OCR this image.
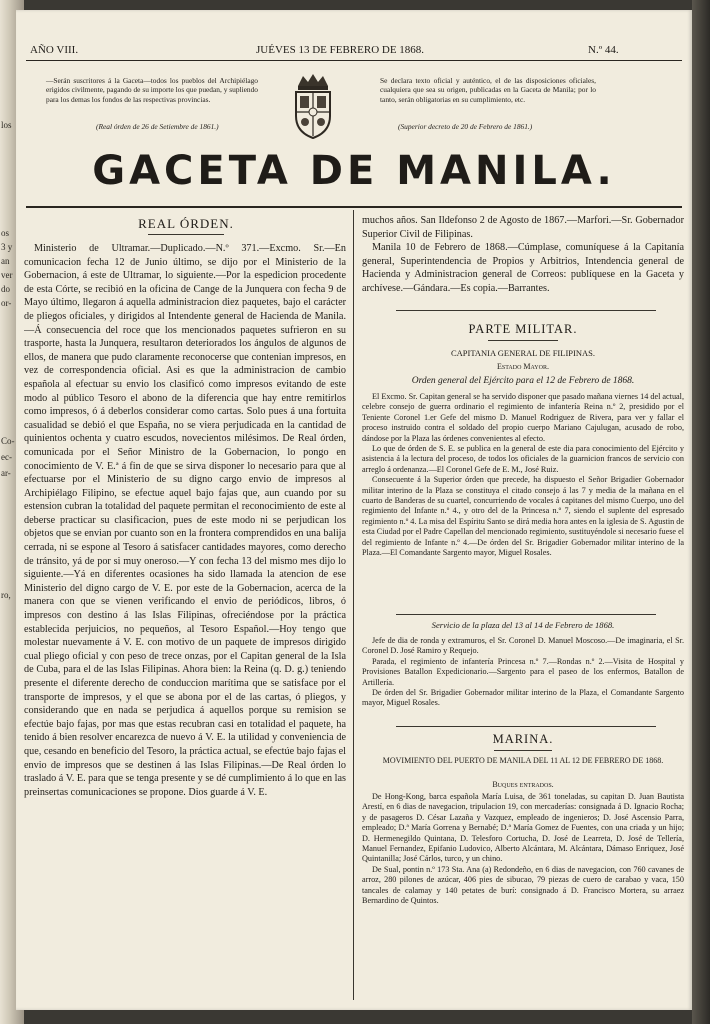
los
os
3 y
an
ver
do
or-
Co-
ec-
ar-
ro,
AÑO VIII.	JUÉVES 13 DE FEBRERO DE 1868.	N.º 44.
—Serán suscritores á la Gaceta—todos los pueblos del Archipiélago erigidos civilmente, pagando de su importe los que puedan, y supliendo para los demas los fondos de las respectivas provincias.
(Real órden de 26 de Setiembre de 1861.)
Se declara texto oficial y auténtico, el de las disposiciones oficiales, cualquiera que sea su origen, publicadas en la Gaceta de Manila; por lo tanto, serán obligatorias en su cumplimiento, etc.
(Superior decreto de 20 de Febrero de 1861.)
GACETA DE MANILA.
REAL ÓRDEN.

Ministerio de Ultramar.—Duplicado.—N.º 371.—Excmo. Sr.—En comunicacion fecha 12 de Junio último, se dijo por el Ministerio de la Gobernacion, á este de Ultramar, lo siguiente.—Por la espedicion procedente de esta Córte, se recibió en la oficina de Cange de la Junquera con fecha 9 de Mayo último, llegaron á aquella administracion diez paquetes, bajo el carácter de pliegos oficiales, y dirigidos al Intendente general de Hacienda de Manila.—Á consecuencia del roce que los mencionados paquetes sufrieron en su trasporte, hasta la Junquera, resultaron deteriorados los ángulos de algunos de ellos, de manera que pudo claramente reconocerse que contenian impresos, en vez de correspondencia oficial. Asi es que la administracion de cambio española al efectuar su envio los clasificó como impresos evitando de este modo al público Tesoro el abono de la diferencia que hay entre remitirlos como impresos, ó á deberlos considerar como cartas. Solo pues á una fortuita casualidad se debió el que España, no se viera perjudicada en la cantidad de quinientos ochenta y cuatro escudos, novecientos milésimos. De Real órden, comunicada por el Señor Ministro de la Gobernacion, lo pongo en conocimiento de V. E.ª á fin de que se sirva disponer lo necesario para que al efectuarse por el Ministerio de su digno cargo envio de impresos al Archipiélago Filipino, se efectue aquel bajo fajas que, aun cuando por su estension cubran la totalidad del paquete permitan el reconocimiento de este al deberse practicar su clasificacion, pues de este modo ni se perjudican los objetos que se envian por cuanto son en la frontera comprendidos en una balija cerrada, ni se espone al Tesoro á satisfacer cantidades mayores, como derecho de tránsito, yá de por si muy oneroso.—Y con fecha 13 del mismo mes dijo lo siguiente.—Yá en diferentes ocasiones ha sido llamada la atencion de ese Ministerio del digno cargo de V. E. por este de la Gobernacion, acerca de la manera con que se vienen verificando el envio de periódicos, libros, ó impresos con destino á las Islas Filipinas, ofreciéndose por la práctica establecida perjuicios, no pequeños, al Tesoro Español.—Hoy tengo que molestar nuevamente á V. E. con motivo de un paquete de impresos dirigido cual pliego oficial y con peso de trece onzas, por el Capitan general de la Isla de Cuba, para el de las Islas Filipinas. Ahora bien: la Reina (q. D. g.) teniendo presente el diferente derecho de conduccion marítima que se satisface por el transporte de impresos, y el que se abona por el de las cartas, ó pliegos, y considerando que en nada se perjudica á aquellos porque su remision se efectúe bajo fajas, por mas que estas recubran casi en totalidad el paquete, ha tenido á bien resolver encarezca de nuevo á V. E. la utilidad y conveniencia de que, cesando en beneficio del Tesoro, la práctica actual, se efectúe bajo fajas el envio de impresos que se destinen á las Islas Filipinas.—De Real órden lo traslado á V. E. para que se tenga presente y se dé cumplimiento á lo que en las preinsertas comunicaciones se propone. Dios guarde á V. E.

muchos años. San Ildefonso 2 de Agosto de 1867.—Marfori.—Sr. Gobernador Superior Civil de Filipinas.

Manila 10 de Febrero de 1868.—Cúmplase, comuníquese á la Capitanía general, Superintendencia de Propios y Arbitrios, Intendencia general de Hacienda y Administracion general de Correos: publíquese en la Gaceta y archívese.—Gándara.—Es copia.—Barrantes.

PARTE MILITAR.
CAPITANIA GENERAL DE FILIPINAS.
Estado Mayor.
Orden general del Ejército para el 12 de Febrero de 1868.

El Excmo. Sr. Capitan general se ha servido disponer que pasado mañana viernes 14 del actual, celebre consejo de guerra ordinario el regimiento de infantería Reina n.º 2, presidido por el Teniente Coronel 1.er Gefe del mismo D. Manuel Rodriguez de Rivera, para ver y fallar el proceso instruido contra el soldado del propio cuerpo Mariano Cajulugan, acusado de robo, dándose por la Plaza las órdenes convenientes al efecto.

Lo que de órden de S. E. se publica en la general de este dia para conocimiento del Ejército y asistencia á la lectura del proceso, de todos los oficiales de la guarnicion francos de servicio con arreglo á ordenanza.—El Coronel Gefe de E. M., José Ruiz.

Consecuente á la Superior órden que precede, ha dispuesto el Señor Brigadier Gobernador militar interino de la Plaza se constituya el citado consejo á las 7 y media de la mañana en el cuarto de Banderas de su cuartel, concurriendo de vocales á capitanes del mismo Cuerpo, uno del regimiento del Infante n.º 4., y otro del de la Princesa n.º 7, siendo el suplente del espresado regimiento n.º 4. La misa del Espíritu Santo se dirá media hora antes en la iglesia de S. Agustin de esta Ciudad por el Padre Capellan del mencionado regimiento, sustituyéndole si necesario fuese el del regimiento de Infante n.º 4.—De órden del Sr. Brigadier Gobernador militar interino de la Plaza.—El Comandante Sargento mayor, Miguel Rosales.

Servicio de la plaza del 13 al 14 de Febrero de 1868.

Jefe de dia de ronda y extramuros, el Sr. Coronel D. Manuel Moscoso.—De imaginaria, el Sr. Coronel D. José Ramiro y Requejo.

Parada, el regimiento de infantería Princesa n.º 7.—Rondas n.º 2.—Visita de Hospital y Provisiones Batallon Expedicionario.—Sargento para el paseo de los enfermos, Batallon de Artillería.

De órden del Sr. Brigadier Gobernador militar interino de la Plaza, el Comandante Sargento mayor, Miguel Rosales.

MARINA.
MOVIMIENTO DEL PUERTO DE MANILA DEL 11 AL 12 DE FEBRERO DE 1868.
Buques entrados.

De Hong-Kong, barca española María Luisa, de 361 toneladas, su capitan D. Juan Bautista Arestí, en 6 dias de navegacion, tripulacion 19, con mercaderías: consignada á D. Ignacio Rocha; y de pasageros D. César Lazaña y Vazquez, empleado de ingenieros; D. José Ascensio Parra, empleado; D.ª María Gorrena y Bernabé; D.ª María Gomez de Fuentes, con una criada y un hijo; D. Hermenegildo Quintana, D. Telesforo Cortucha, D. José de Learreta, D. José de Tellería, Manuel Fernandez, Epifanio Ludovico, Alberto Alcántara, M. Alcántara, Dámaso Enriquez, José Quintanilla; José Cárlos, turco, y un chino.

De Sual, pontin n.º 173 Sta. Ana (a) Redondeño, en 6 dias de navegacion, con 760 cavanes de arroz, 280 pilones de azúcar, 406 pies de sibucao, 79 piezas de cuero de carabao y vaca, 150 tancales de calamay y 140 petates de burí: consignado á D. Francisco Mortera, su arraez Bernardino de Quintos.
